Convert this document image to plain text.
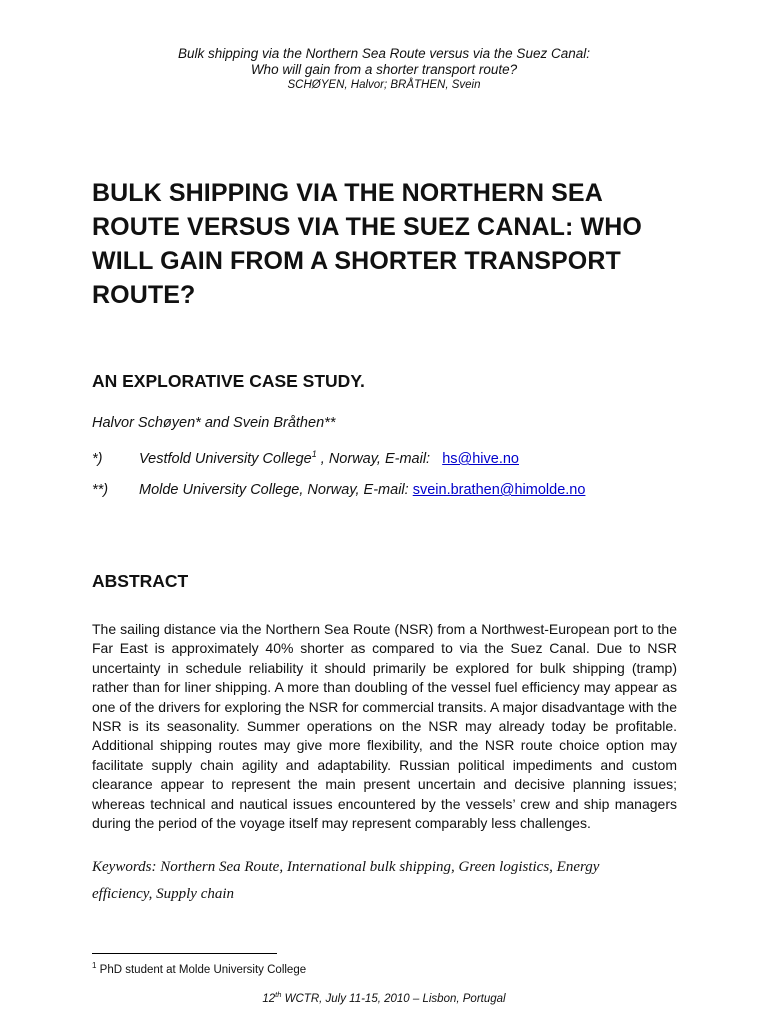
Bulk shipping via the Northern Sea Route versus via the Suez Canal:
Who will gain from a shorter transport route?
SCHØYEN, Halvor; BRÅTHEN, Svein
BULK SHIPPING VIA THE NORTHERN SEA ROUTE VERSUS VIA THE SUEZ CANAL: WHO WILL GAIN FROM A SHORTER TRANSPORT ROUTE?
AN EXPLORATIVE CASE STUDY.
Halvor Schøyen* and Svein Bråthen**
*)	Vestfold University College$^1$ , Norway, E-mail: hs@hive.no
**) Molde University College, Norway, E-mail: svein.brathen@himolde.no
ABSTRACT

The sailing distance via the Northern Sea Route (NSR) from a Northwest-European port to the Far East is approximately 40% shorter as compared to via the Suez Canal. Due to NSR uncertainty in schedule reliability it should primarily be explored for bulk shipping (tramp) rather than for liner shipping. A more than doubling of the vessel fuel efficiency may appear as one of the drivers for exploring the NSR for commercial transits. A major disadvantage with the NSR is its seasonality. Summer operations on the NSR may already today be profitable. Additional shipping routes may give more flexibility, and the NSR route choice option may facilitate supply chain agility and adaptability. Russian political impediments and custom clearance appear to represent the main present uncertain and decisive planning issues; whereas technical and nautical issues encountered by the vessels’ crew and ship managers during the period of the voyage itself may represent comparably less challenges.

Keywords: Northern Sea Route, International bulk shipping, Green logistics, Energy efficiency, Supply chain

$^1$ PhD student at Molde University College
12th WCTR, July 11-15, 2010 – Lisbon, Portugal
